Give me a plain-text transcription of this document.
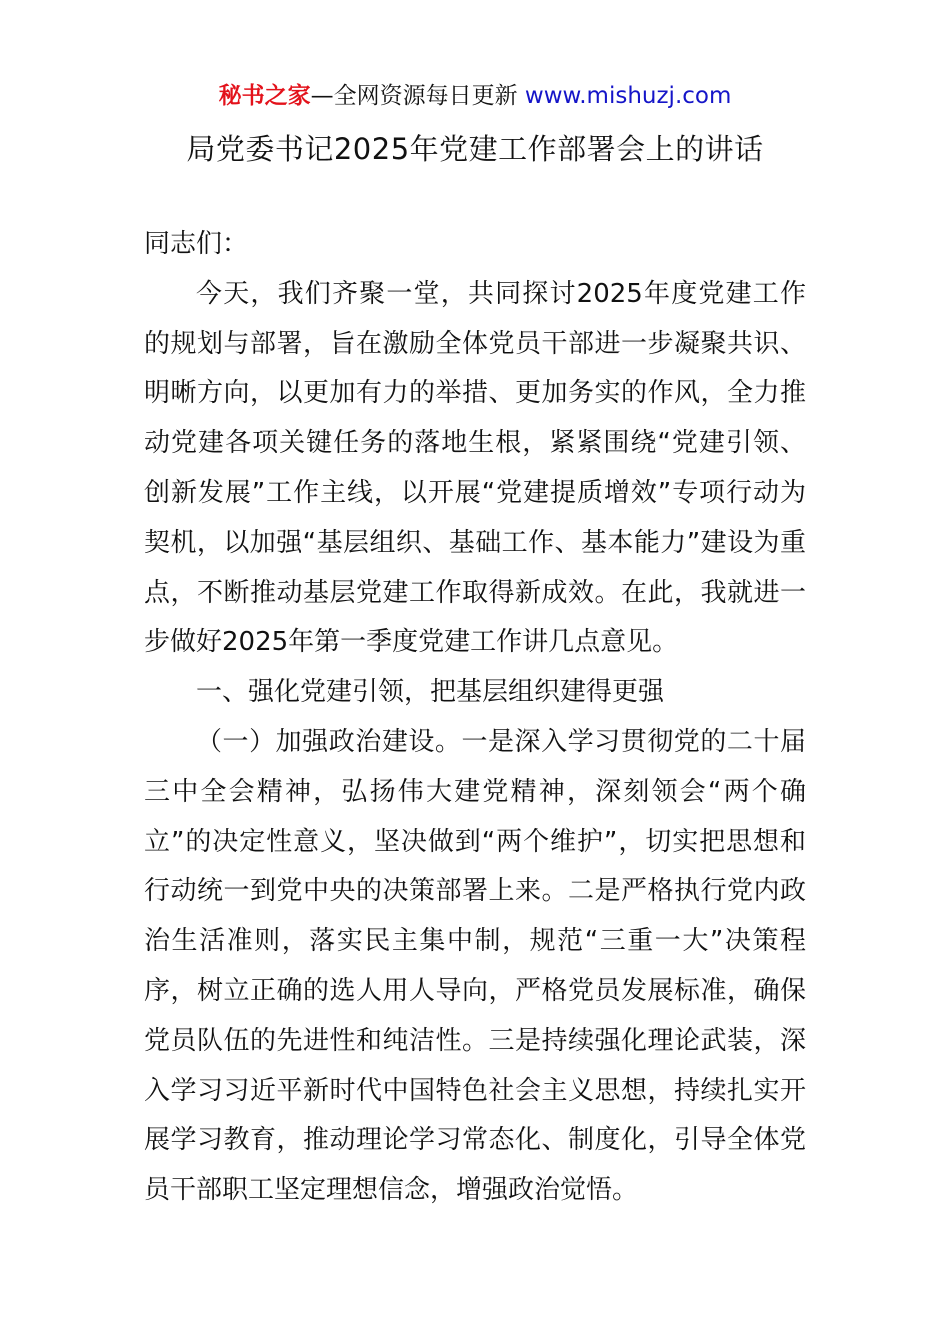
秘书之家—全网资源每日更新 www.mishuzj.com
局党委书记2025年党建工作部署会上的讲话

同志们：

今天，我们齐聚一堂，共同探讨2025年度党建工作的规划与部署，旨在激励全体党员干部进一步凝聚共识、明晰方向，以更加有力的举措、更加务实的作风，全力推动党建各项关键任务的落地生根，紧紧围绕“党建引领、创新发展”工作主线，以开展“党建提质增效”专项行动为契机，以加强“基层组织、基础工作、基本能力”建设为重点，不断推动基层党建工作取得新成效。在此，我就进一步做好2025年第一季度党建工作讲几点意见。

一、强化党建引领，把基层组织建得更强

（一）加强政治建设。一是深入学习贯彻党的二十届三中全会精神，弘扬伟大建党精神，深刻领会“两个确立”的决定性意义，坚决做到“两个维护”，切实把思想和行动统一到党中央的决策部署上来。二是严格执行党内政治生活准则，落实民主集中制，规范“三重一大”决策程序，树立正确的选人用人导向，严格党员发展标准，确保党员队伍的先进性和纯洁性。三是持续强化理论武装，深入学习习近平新时代中国特色社会主义思想，持续扎实开展学习教育，推动理论学习常态化、制度化，引导全体党员干部职工坚定理想信念，增强政治觉悟。
